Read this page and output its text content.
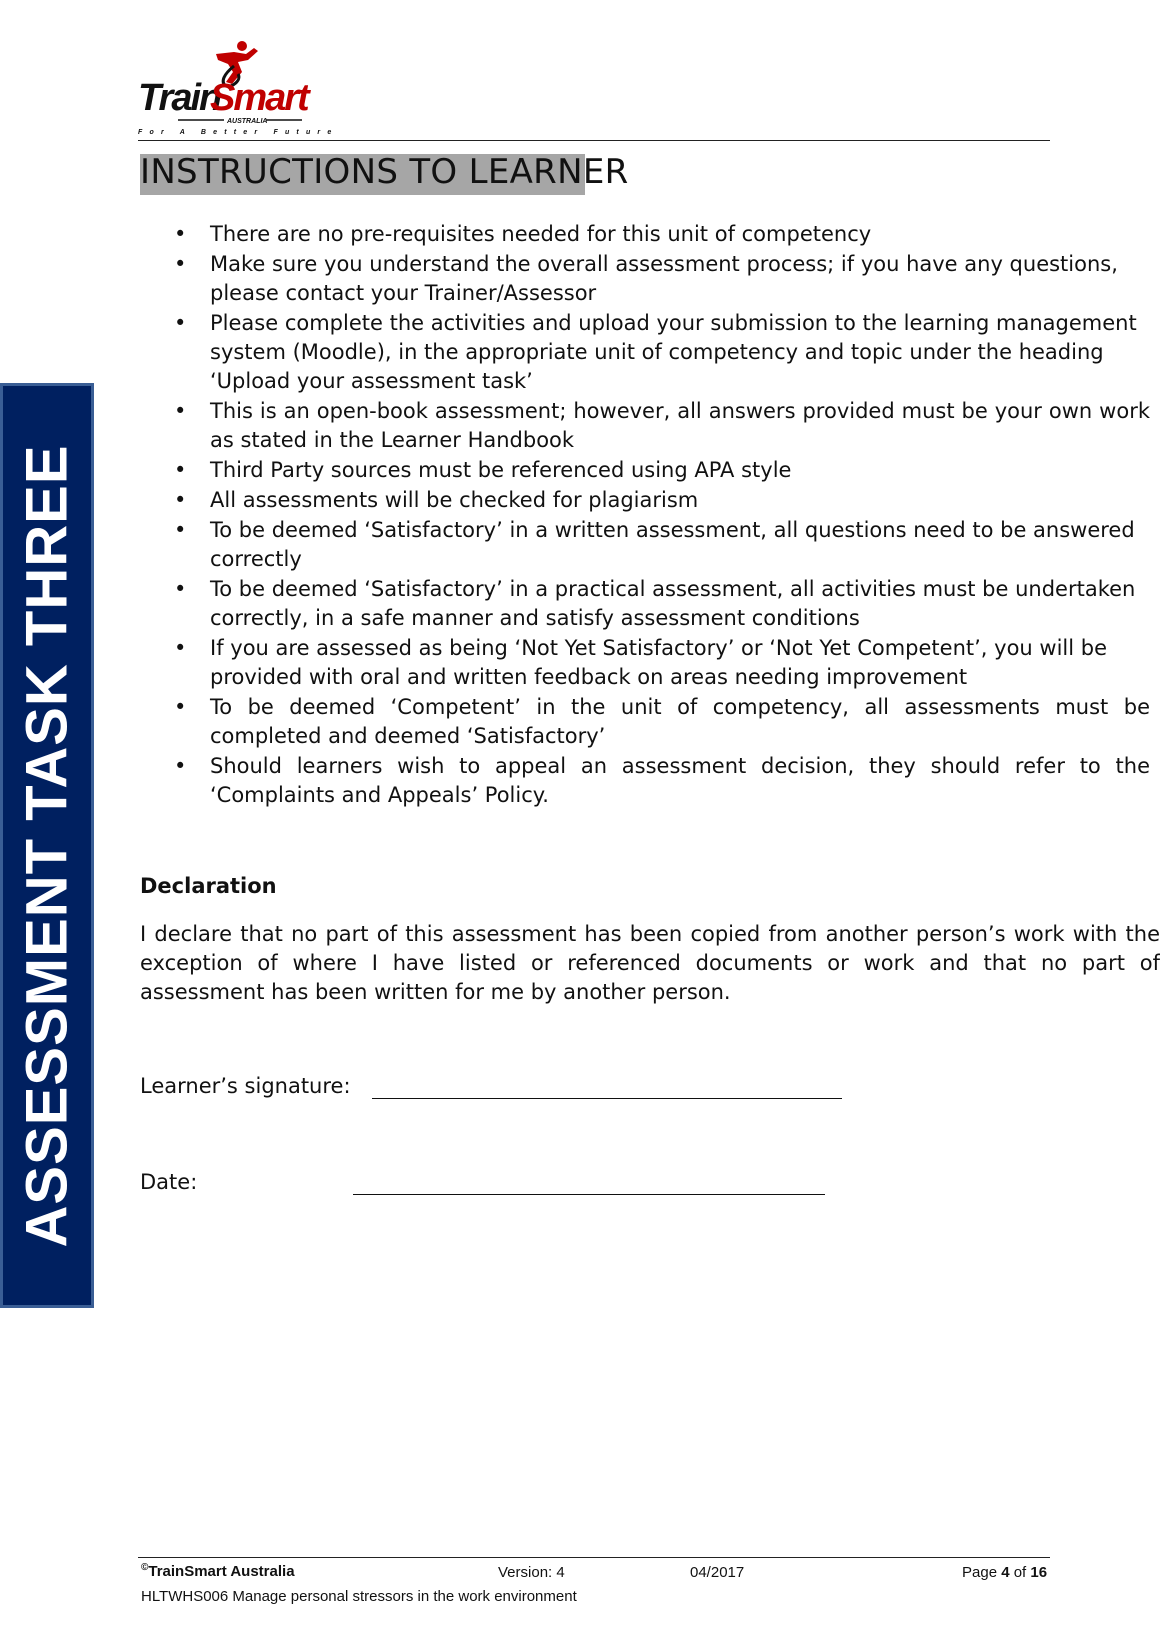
Train
Smart
AUSTRALIA
For A Better Future
INSTRUCTIONS TO LEARNER
ASSESSMENT TASK THREE
• There are no pre-requisites needed for this unit of competency
• Make sure you understand the overall assessment process; if you have any questions, please contact your Trainer/Assessor
• Please complete the activities and upload your submission to the learning management system (Moodle), in the appropriate unit of competency and topic under the heading ‘Upload your assessment task’
• This is an open-book assessment; however, all answers provided must be your own work as stated in the Learner Handbook
• Third Party sources must be referenced using APA style
• All assessments will be checked for plagiarism
• To be deemed ‘Satisfactory’ in a written assessment, all questions need to be answered correctly
• To be deemed ‘Satisfactory’ in a practical assessment, all activities must be undertaken correctly, in a safe manner and satisfy assessment conditions
• If you are assessed as being ‘Not Yet Satisfactory’ or ‘Not Yet Competent’, you will be provided with oral and written feedback on areas needing improvement
• To be deemed ‘Competent’ in the unit of competency, all assessments must be completed and deemed ‘Satisfactory’
• Should learners wish to appeal an assessment decision, they should refer to the ‘Complaints and Appeals’ Policy.
Declaration
I declare that no part of this assessment has been copied from another person’s work with the exception of where I have listed or referenced documents or work and that no part of assessment has been written for me by another person.
Learner’s signature:
Date:
©TrainSmart Australia	Version: 4	04/2017	Page 4 of 16
HLTWHS006 Manage personal stressors in the work environment
